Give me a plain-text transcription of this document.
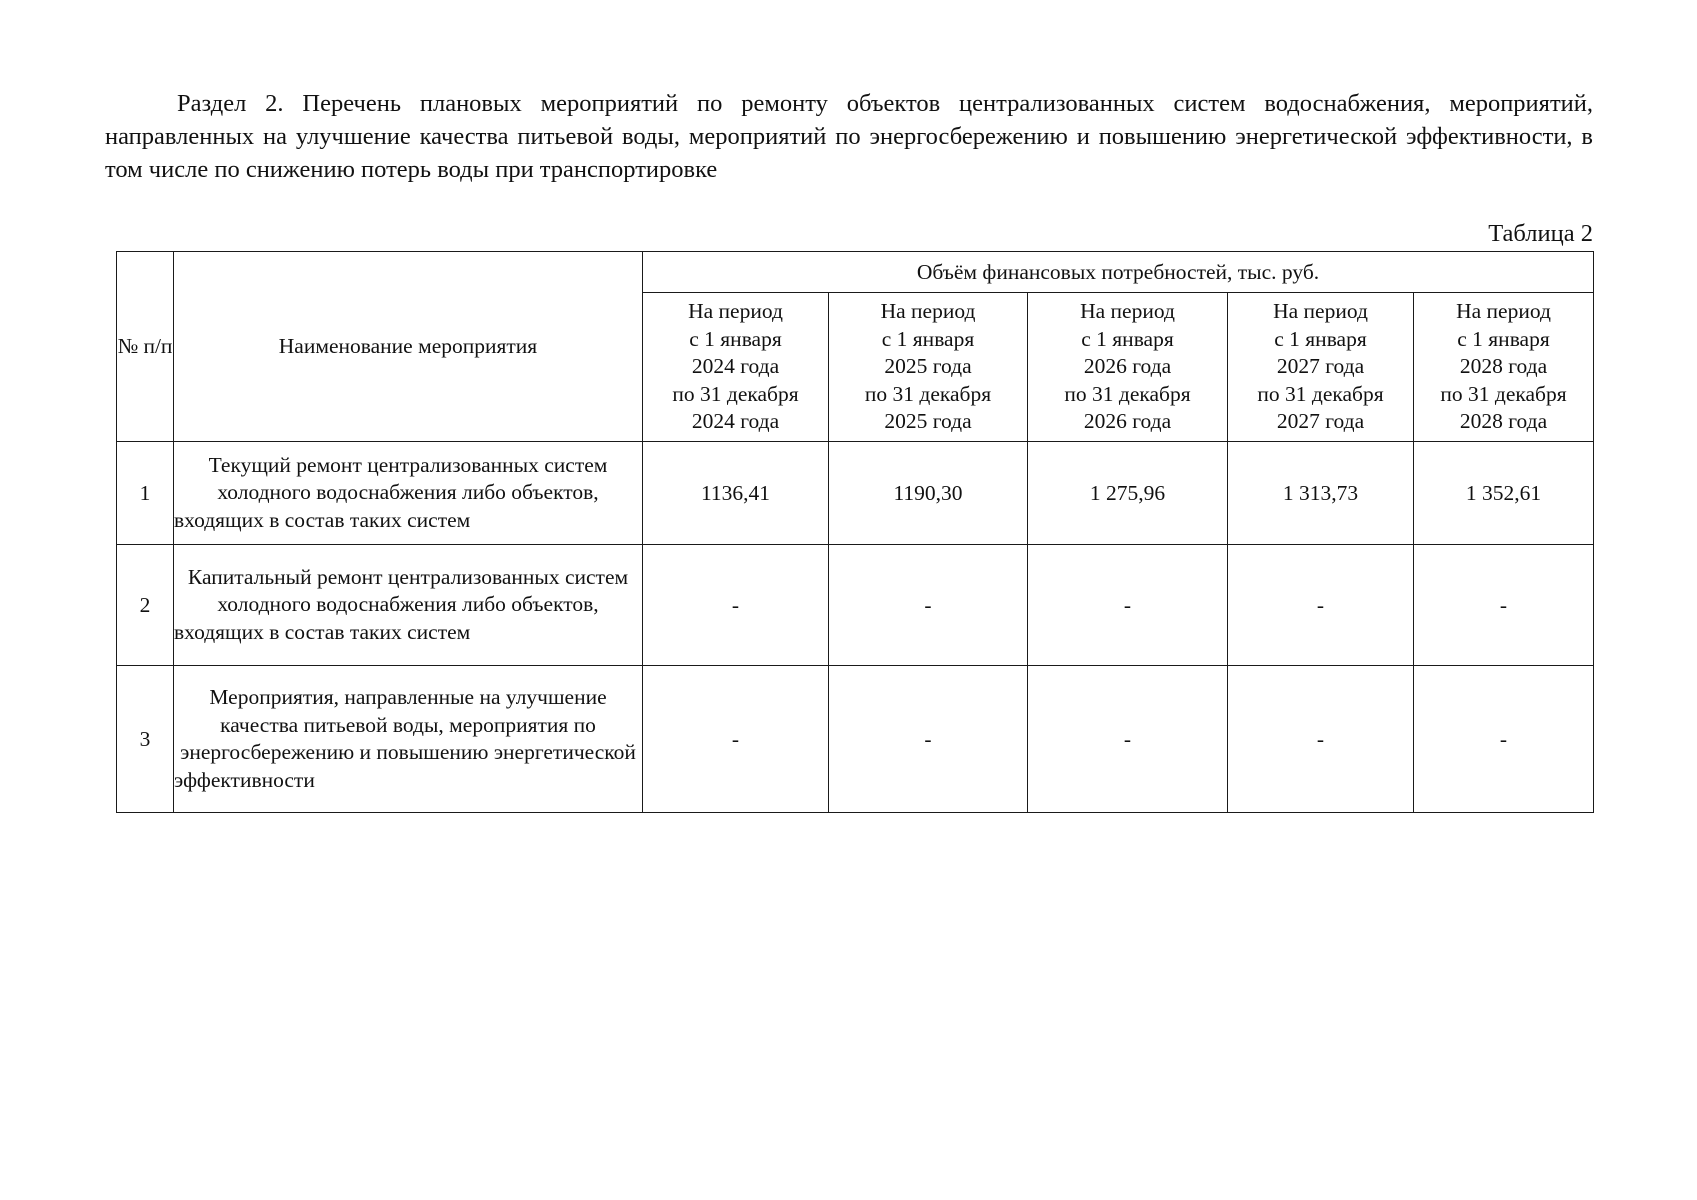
Раздел 2. Перечень плановых мероприятий по ремонту объектов централизованных систем водоснабжения, мероприятий, направленных на улучшение качества питьевой воды, мероприятий по энергосбережению и повышению энергетической эффективности, в том числе по снижению потерь воды при транспортировке

Таблица 2
№ п/п	Наименование мероприятия	Объём финансовых потребностей, тыс. руб.				

		На период
с 1 января
2024 года
по 31 декабря
2024 года	На период
с 1 января
2025 года
по 31 декабря
2025 года	На период
с 1 января
2026 года
по 31 декабря
2026 года	На период
с 1 января
2027 года
по 31 декабря
2027 года	На период
с 1 января
2028 года
по 31 декабря
2028 года

1	Текущий ремонт централизованных систем холодного водоснабжения либо объектов, входящих в состав таких систем	1136,41	1190,30	1 275,96	1 313,73	1 352,61
2	Капитальный ремонт централизованных систем холодного водоснабжения либо объектов, входящих в состав таких систем	-	-	-	-	-
3	Мероприятия, направленные на улучшение качества питьевой воды, мероприятия по энергосбережению и повышению энергетической эффективности	-	-	-	-	-
